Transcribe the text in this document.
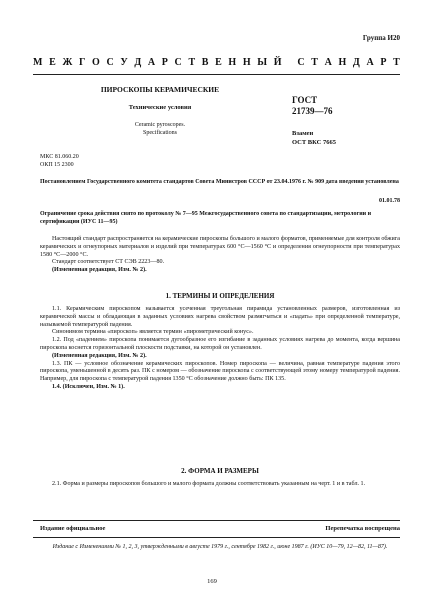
Группа И20
М Е Ж Г О С У Д А Р С Т В Е Н Н Ы Й
С Т А Н Д А Р Т
ПИРОСКОПЫ КЕРАМИЧЕСКИЕ
Технические условия
Ceramic pyroscopes.
Specifications
ГОСТ
21739—76
Взамен
ОСТ ВКС 7665
МКС 81.060.20
ОКП 15 2300
Постановлением Государственного комитета стандартов Совета Министров СССР от 23.04.1976 г. № 909 дата введения установлена
01.01.78
Ограничение срока действия снято по протоколу № 7—95 Межгосударственного совета по стандартизации, метрологии и сертификации (ИУС 11—95)

Настоящий стандарт распространяется на керамические пироскопы большого и малого форматов, применяемые для контроля обжига керамических и огнеупорных материалов и изделий при температурах 600 °С—1560 °С и определения огнеупорности при температурах 1580 °С—2000 °С.

Стандарт соответствует СТ СЭВ 2223—80.

(Измененная редакция, Изм. № 2).

1. ТЕРМИНЫ И ОПРЕДЕЛЕНИЯ

1.1. Керамическим пироскопом называется усеченная треугольная пирамида установленных размеров, изготовленная из керамической массы и обладающая в заданных условиях нагрева свойством размягчаться и «падать» при определенной температуре, называемой температурой падения.

Синонимом термина «пироскоп» является термин «пирометрический конус».

1.2. Под «падением» пироскопа понимается дугообразное его изгибание в заданных условиях нагрева до момента, когда вершина пироскопа коснется горизонтальной плоскости подставки, на которой он установлен.

(Измененная редакция, Изм. № 2).

1.3. ПК — условное обозначение керамических пироскопов. Номер пироскопа — величина, равная температуре падения этого пироскопа, уменьшенной в десять раз. ПК с номером — обозначение пироскопа с соответствующей этому номеру температурой падения. Например, для пироскопа с температурой падения 1350 °С обозначение должно быть: ПК 135.

1.4. (Исключен, Изм. № 1).

2. ФОРМА И РАЗМЕРЫ

2.1. Форма и размеры пироскопов большого и малого формата должны соответствовать указанным на черт. 1 и в табл. 1.

Издание официальное	Перепечатка воспрещена
Издание с Изменениями № 1, 2, 3, утвержденными в августе 1979 г., сентябре 1982 г., июне 1987 г. (ИУС 10—79, 12—82, 11—87).
169
